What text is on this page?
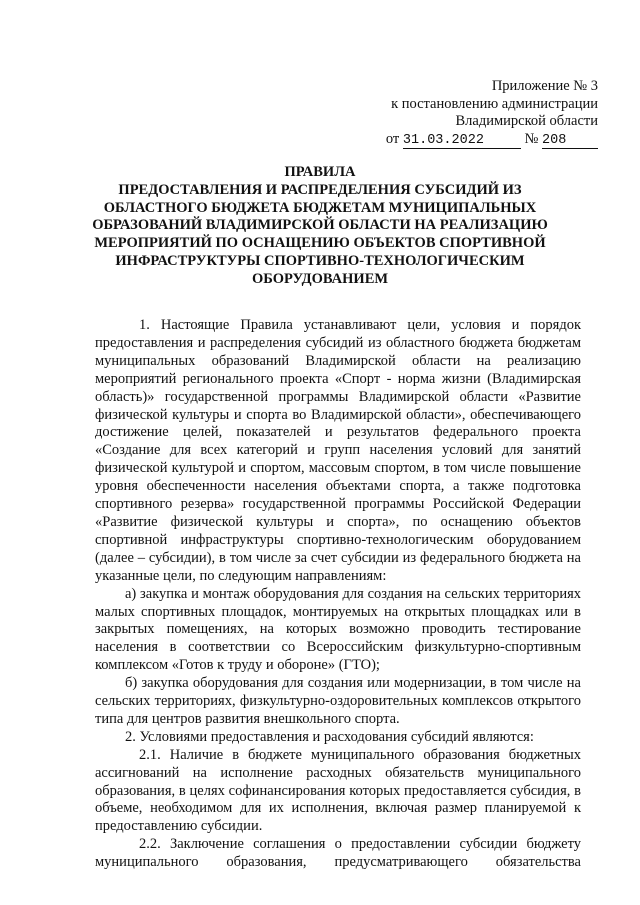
Приложение № 3
к постановлению администрации
Владимирской области
от 31.03.2022	№ 208
ПРАВИЛА
ПРЕДОСТАВЛЕНИЯ И РАСПРЕДЕЛЕНИЯ СУБСИДИЙ ИЗ
ОБЛАСТНОГО БЮДЖЕТА БЮДЖЕТАМ МУНИЦИПАЛЬНЫХ
ОБРАЗОВАНИЙ ВЛАДИМИРСКОЙ ОБЛАСТИ НА РЕАЛИЗАЦИЮ
МЕРОПРИЯТИЙ ПО ОСНАЩЕНИЮ ОБЪЕКТОВ СПОРТИВНОЙ
ИНФРАСТРУКТУРЫ СПОРТИВНО-ТЕХНОЛОГИЧЕСКИМ
ОБОРУДОВАНИЕМ

1. Настоящие Правила устанавливают цели, условия и порядок предоставления и распределения субсидий из областного бюджета бюджетам муниципальных образований Владимирской области на реализацию мероприятий регионального проекта «Спорт - норма жизни (Владимирская область)» государственной программы Владимирской области «Развитие физической культуры и спорта во Владимирской области», обеспечивающего достижение целей, показателей и результатов федерального проекта «Создание для всех категорий и групп населения условий для занятий физической культурой и спортом, массовым спортом, в том числе повышение уровня обеспеченности населения объектами спорта, а также подготовка спортивного резерва» государственной программы Российской Федерации «Развитие физической культуры и спорта», по оснащению объектов спортивной инфраструктуры спортивно-технологическим оборудованием (далее – субсидии), в том числе за счет субсидии из федерального бюджета на указанные цели, по следующим направлениям:

а) закупка и монтаж оборудования для создания на сельских территориях малых спортивных площадок, монтируемых на открытых площадках или в закрытых помещениях, на которых возможно проводить тестирование населения в соответствии со Всероссийским физкультурно-спортивным комплексом «Готов к труду и обороне» (ГТО);

б) закупка оборудования для создания или модернизации, в том числе на сельских территориях, физкультурно-оздоровительных комплексов открытого типа для центров развития внешкольного спорта.

2. Условиями предоставления и расходования субсидий являются:

2.1. Наличие в бюджете муниципального образования бюджетных ассигнований на исполнение расходных обязательств муниципального образования, в целях софинансирования которых предоставляется субсидия, в объеме, необходимом для их исполнения, включая размер планируемой к предоставлению субсидии.

2.2. Заключение соглашения о предоставлении субсидии бюджету муниципального образования, предусматривающего обязательства
